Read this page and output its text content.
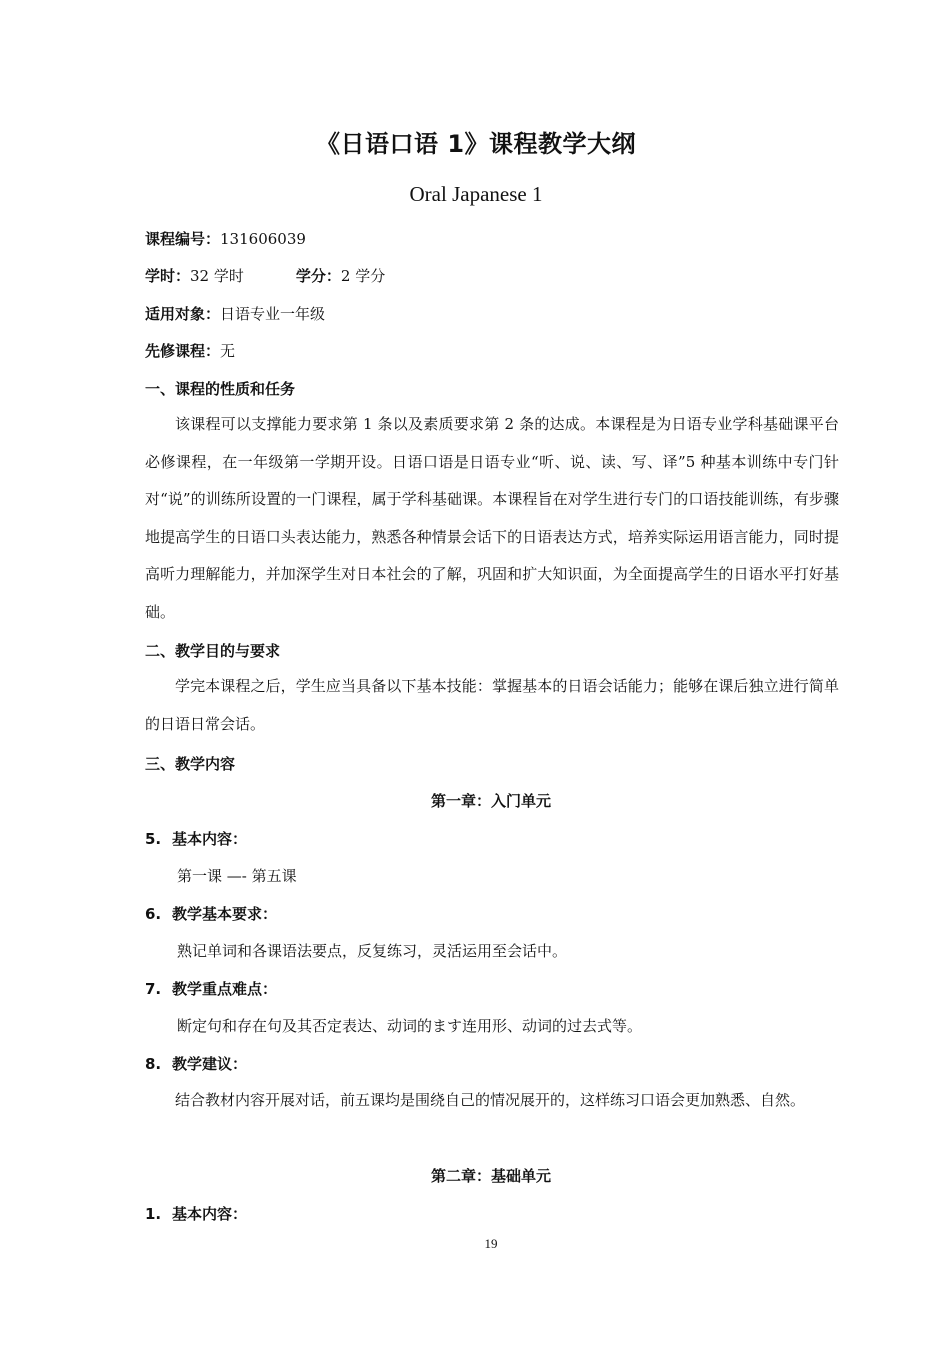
《日语口语 1》课程教学大纲
Oral Japanese 1
课程编号：131606039
学时：32 学时	学分：2 学分
适用对象：日语专业一年级
先修课程：无
一、课程的性质和任务

该课程可以支撑能力要求第 1 条以及素质要求第 2 条的达成。本课程是为日语专业学科基础课平台必修课程，在一年级第一学期开设。日语口语是日语专业“听、说、读、写、译”5 种基本训练中专门针对“说”的训练所设置的一门课程，属于学科基础课。本课程旨在对学生进行专门的口语技能训练，有步骤地提高学生的日语口头表达能力，熟悉各种情景会话下的日语表达方式，培养实际运用语言能力，同时提高听力理解能力，并加深学生对日本社会的了解，巩固和扩大知识面，为全面提高学生的日语水平打好基础。

二、教学目的与要求

学完本课程之后，学生应当具备以下基本技能：掌握基本的日语会话能力；能够在课后独立进行简单的日语日常会话。

三、教学内容
第一章：入门单元
5. 基本内容：
第一课 —- 第五课
6. 教学基本要求：
熟记单词和各课语法要点，反复练习，灵活运用至会话中。
7. 教学重点难点：
断定句和存在句及其否定表达、动词的ます连用形、动词的过去式等。
8. 教学建议：

结合教材内容开展对话，前五课均是围绕自己的情况展开的，这样练习口语会更加熟悉、自然。

第二章：基础单元
1. 基本内容：
19
